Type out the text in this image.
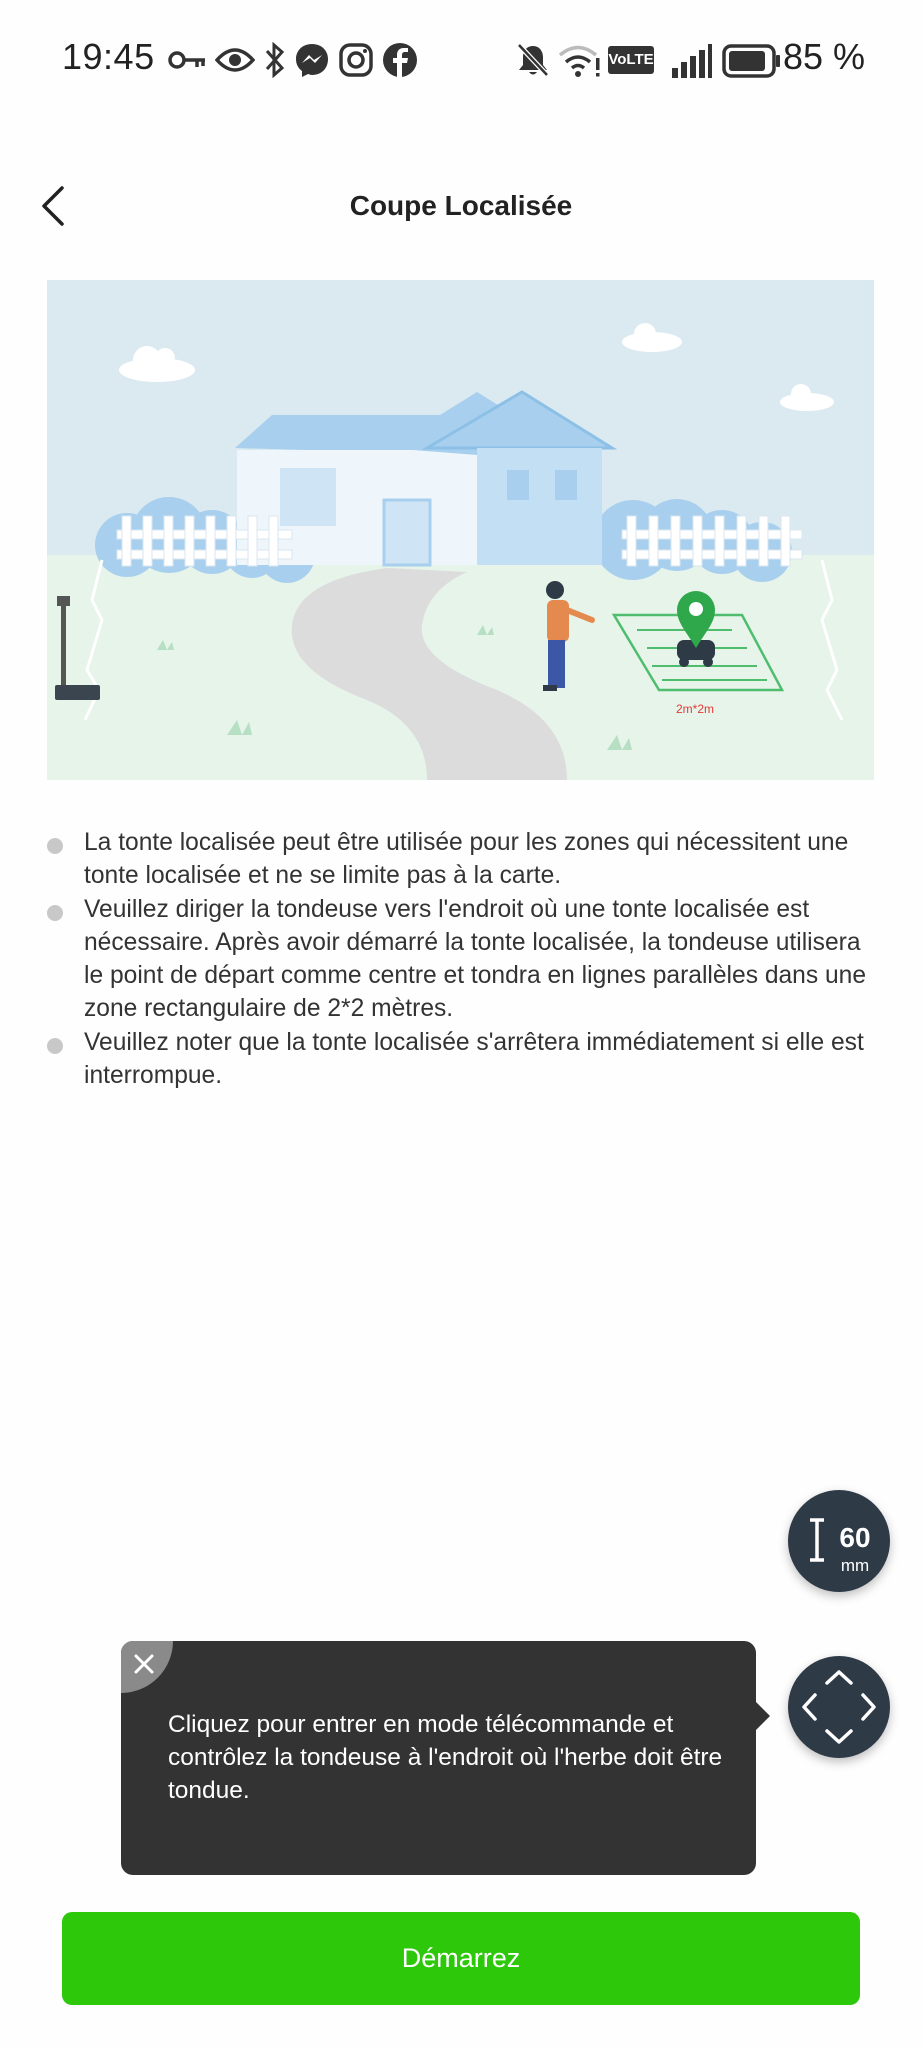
19:45	VoLTE	85 %
Coupe Localisée
2m*2m
La tonte localisée peut être utilisée pour les zones qui nécessitent une tonte localisée et ne se limite pas à la carte.
Veuillez diriger la tondeuse vers l'endroit où une tonte localisée est nécessaire. Après avoir démarré la tonte localisée, la tondeuse utilisera le point de départ comme centre et tondra en lignes parallèles dans une zone rectangulaire de 2*2 mètres.
Veuillez noter que la tonte localisée s'arrêtera immédiatement si elle est interrompue.
60
mm
Cliquez pour entrer en mode télécommande et contrôlez la tondeuse à l'endroit où l'herbe doit être tondue.
Démarrez
